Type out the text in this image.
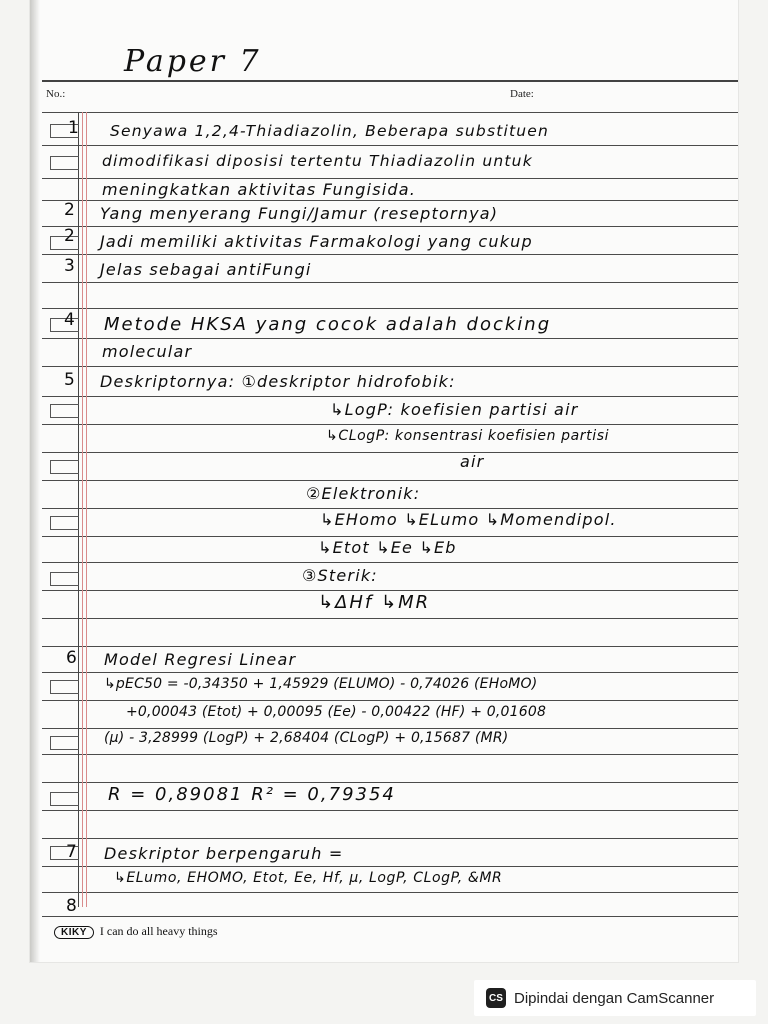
Paper 7
No.:	Date:
1
2
2
3
4
5
6
7
8
Senyawa 1,2,4-Thiadiazolin, Beberapa substituen
dimodifikasi diposisi tertentu Thiadiazolin untuk
meningkatkan aktivitas Fungisida.
Yang menyerang Fungi/Jamur (reseptornya)
Jadi memiliki aktivitas Farmakologi yang cukup
Jelas sebagai antiFungi
Metode HKSA yang cocok adalah docking
molecular
Deskriptornya: ①deskriptor hidrofobik:
↳LogP: koefisien partisi air
↳CLogP: konsentrasi koefisien partisi
air
②Elektronik:
↳EHomo ↳ELumo ↳Momendipol.
↳Etot ↳Ee ↳Eb
③Sterik:
↳ΔHf ↳MR
Model Regresi Linear
↳pEC50 = -0,34350 + 1,45929 (ELUMO) - 0,74026 (EHoMO)
+0,00043 (Etot) + 0,00095 (Ee) - 0,00422 (HF) + 0,01608
(μ) - 3,28999 (LogP) + 2,68404 (CLogP) + 0,15687 (MR)
R = 0,89081 R² = 0,79354
Deskriptor berpengaruh =
↳ELumo, EHOMO, Etot, Ee, Hf, μ, LogP, CLogP, &MR
KIKY I can do all heavy things
CS Dipindai dengan CamScanner
